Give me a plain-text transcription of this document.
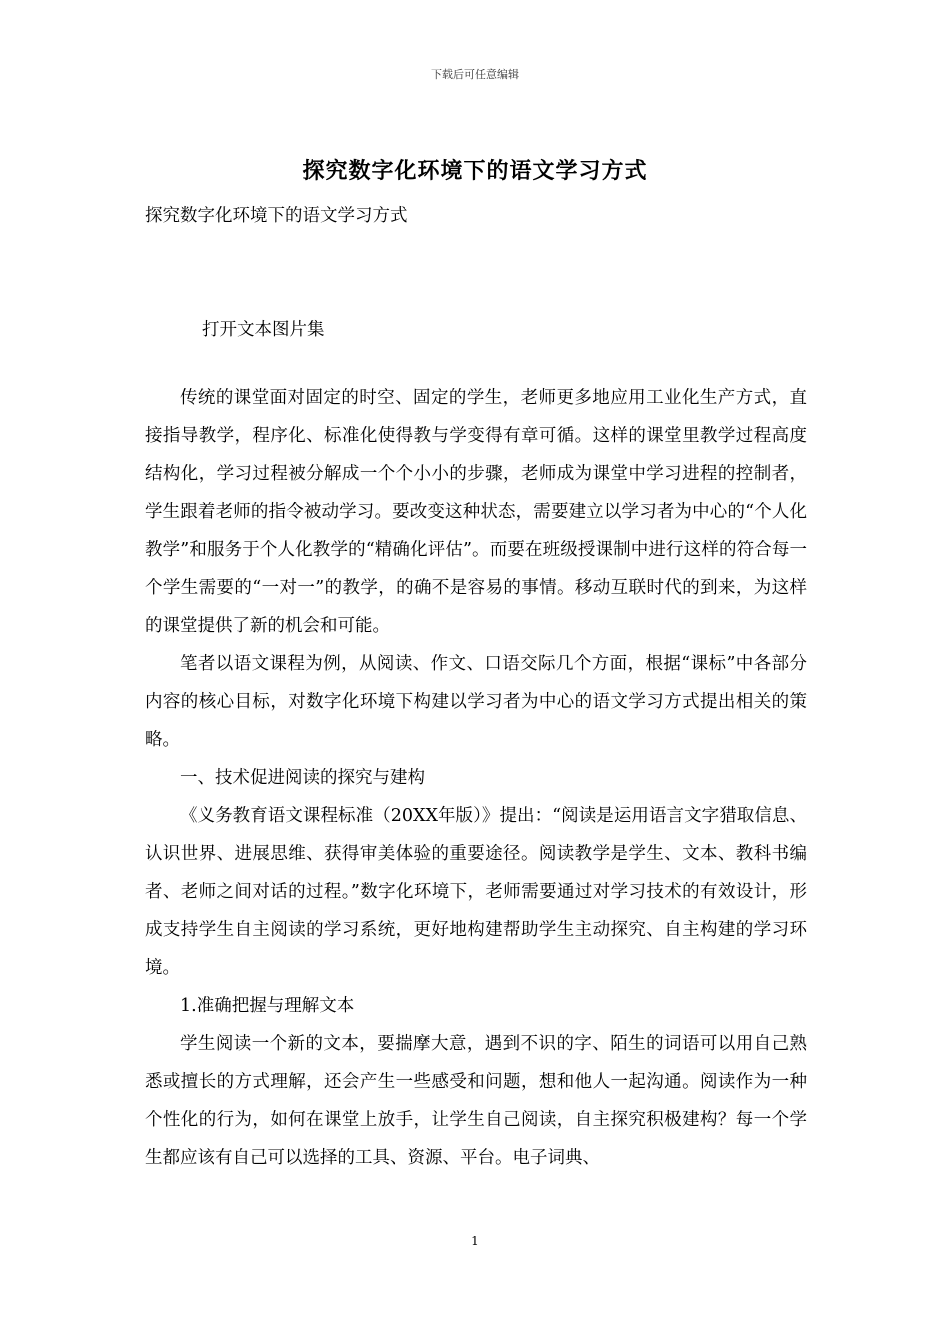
下载后可任意编辑
探究数字化环境下的语文学习方式
探究数字化环境下的语文学习方式
打开文本图片集

传统的课堂面对固定的时空、固定的学生，老师更多地应用工业化生产方式，直接指导教学，程序化、标准化使得教与学变得有章可循。这样的课堂里教学过程高度结构化，学习过程被分解成一个个小小的步骤，老师成为课堂中学习进程的控制者，学生跟着老师的指令被动学习。要改变这种状态，需要建立以学习者为中心的“个人化教学”和服务于个人化教学的“精确化评估”。而要在班级授课制中进行这样的符合每一个学生需要的“一对一”的教学，的确不是容易的事情。移动互联时代的到来，为这样的课堂提供了新的机会和可能。

笔者以语文课程为例，从阅读、作文、口语交际几个方面，根据“课标”中各部分内容的核心目标，对数字化环境下构建以学习者为中心的语文学习方式提出相关的策略。

一、技术促进阅读的探究与建构

《义务教育语文课程标准（20XX年版）》提出：“阅读是运用语言文字猎取信息、认识世界、进展思维、获得审美体验的重要途径。阅读教学是学生、文本、教科书编者、老师之间对话的过程。”数字化环境下，老师需要通过对学习技术的有效设计，形成支持学生自主阅读的学习系统，更好地构建帮助学生主动探究、自主构建的学习环境。

1.准确把握与理解文本

学生阅读一个新的文本，要揣摩大意，遇到不识的字、陌生的词语可以用自己熟悉或擅长的方式理解，还会产生一些感受和问题，想和他人一起沟通。阅读作为一种个性化的行为，如何在课堂上放手，让学生自己阅读，自主探究积极建构？每一个学生都应该有自己可以选择的工具、资源、平台。电子词典、

1
